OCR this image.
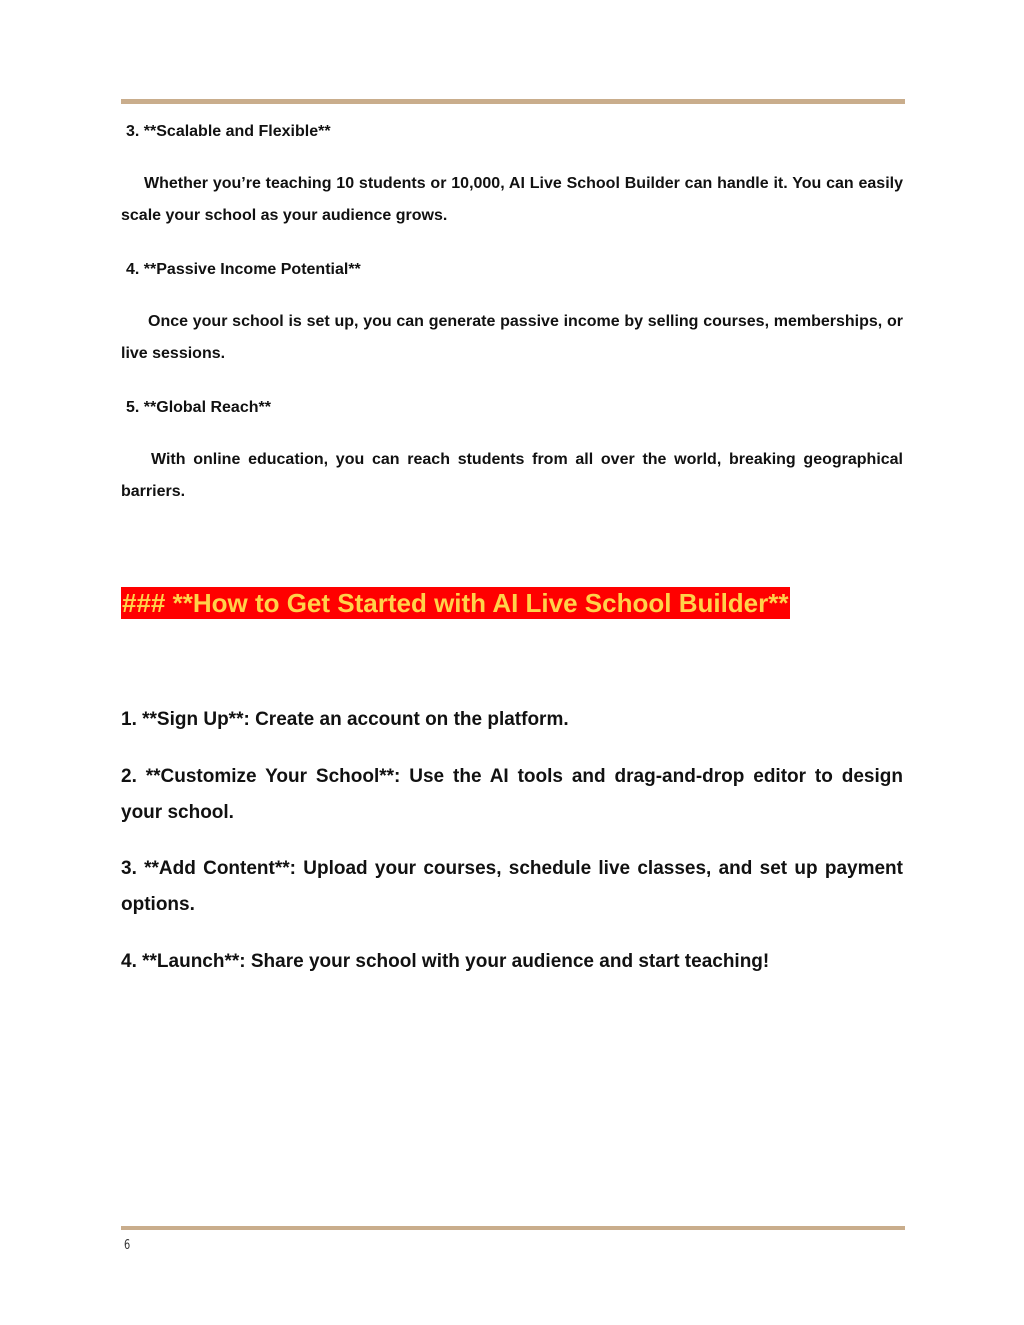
3. **Scalable and Flexible**
Whether you’re teaching 10 students or 10,000, AI Live School Builder can handle it. You can easily scale your school as your audience grows.
4. **Passive Income Potential**
Once your school is set up, you can generate passive income by selling courses, memberships, or live sessions.
5. **Global Reach**
With online education, you can reach students from all over the world, breaking geographical barriers.
### **How to Get Started with AI Live School Builder**
1. **Sign Up**: Create an account on the platform.
2. **Customize Your School**: Use the AI tools and drag-and-drop editor to design your school.
3. **Add Content**: Upload your courses, schedule live classes, and set up payment options.
4. **Launch**: Share your school with your audience and start teaching!
6
